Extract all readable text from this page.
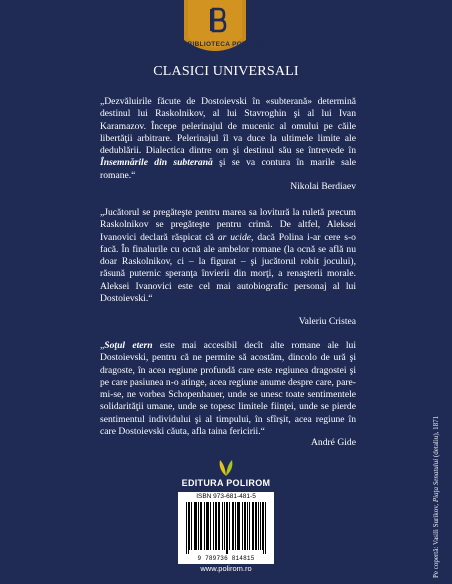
BIBLIOTECA POLIROM
CLASICI UNIVERSALI

„Dezvăluirile făcute de Dostoievski în «subterană» determină destinul lui Raskolnikov, al lui Stavroghin şi al lui Ivan Karamazov. Începe pelerinajul de mucenic al omului pe căile libertăţii arbitrare. Pelerinajul îl va duce la ultimele limite ale dedublării. Dialectica dintre om şi destinul său se întrevede în Însemnările din subterană şi se va contura în marile sale romane.“

Nikolai Berdiaev

„Jucătorul se pregăteşte pentru marea sa lovitură la ruletă precum Raskolnikov se pregăteşte pentru crimă. De altfel, Aleksei Ivanovici declară răspicat că ar ucide, dacă Polina i-ar cere s-o facă. În finalurile cu ocnă ale ambelor romane (la ocnă se află nu doar Raskolnikov, ci – la figurat – şi jucătorul robit jocului), răsună puternic speranţa învierii din morţi, a renaşterii morale. Aleksei Ivanovici este cel mai autobiografic personaj al lui Dostoievski.“

Valeriu Cristea

„Soţul etern este mai accesibil decît alte romane ale lui Dostoievski, pentru că ne permite să acostăm, dincolo de ură şi dragoste, în acea regiune profundă care este regiunea dragostei şi pe care pasiunea n-o atinge, acea regiune anume despre care, pare-mi-se, ne vorbea Schopenhauer, unde se unesc toate sentimentele solidarităţii umane, unde se topesc limitele fiinţei, unde se pierde sentimentul individului şi al timpului, în sfîrşit, acea regiune în care Dostoievski căuta, afla taina fericirii.“

André Gide
EDITURA POLIROM
ISBN 973-681-481-5
9 789736 814815
www.polirom.ro	Pe copertă: Vasili Surikov, Piaţa Senatului (detaliu), 1871
